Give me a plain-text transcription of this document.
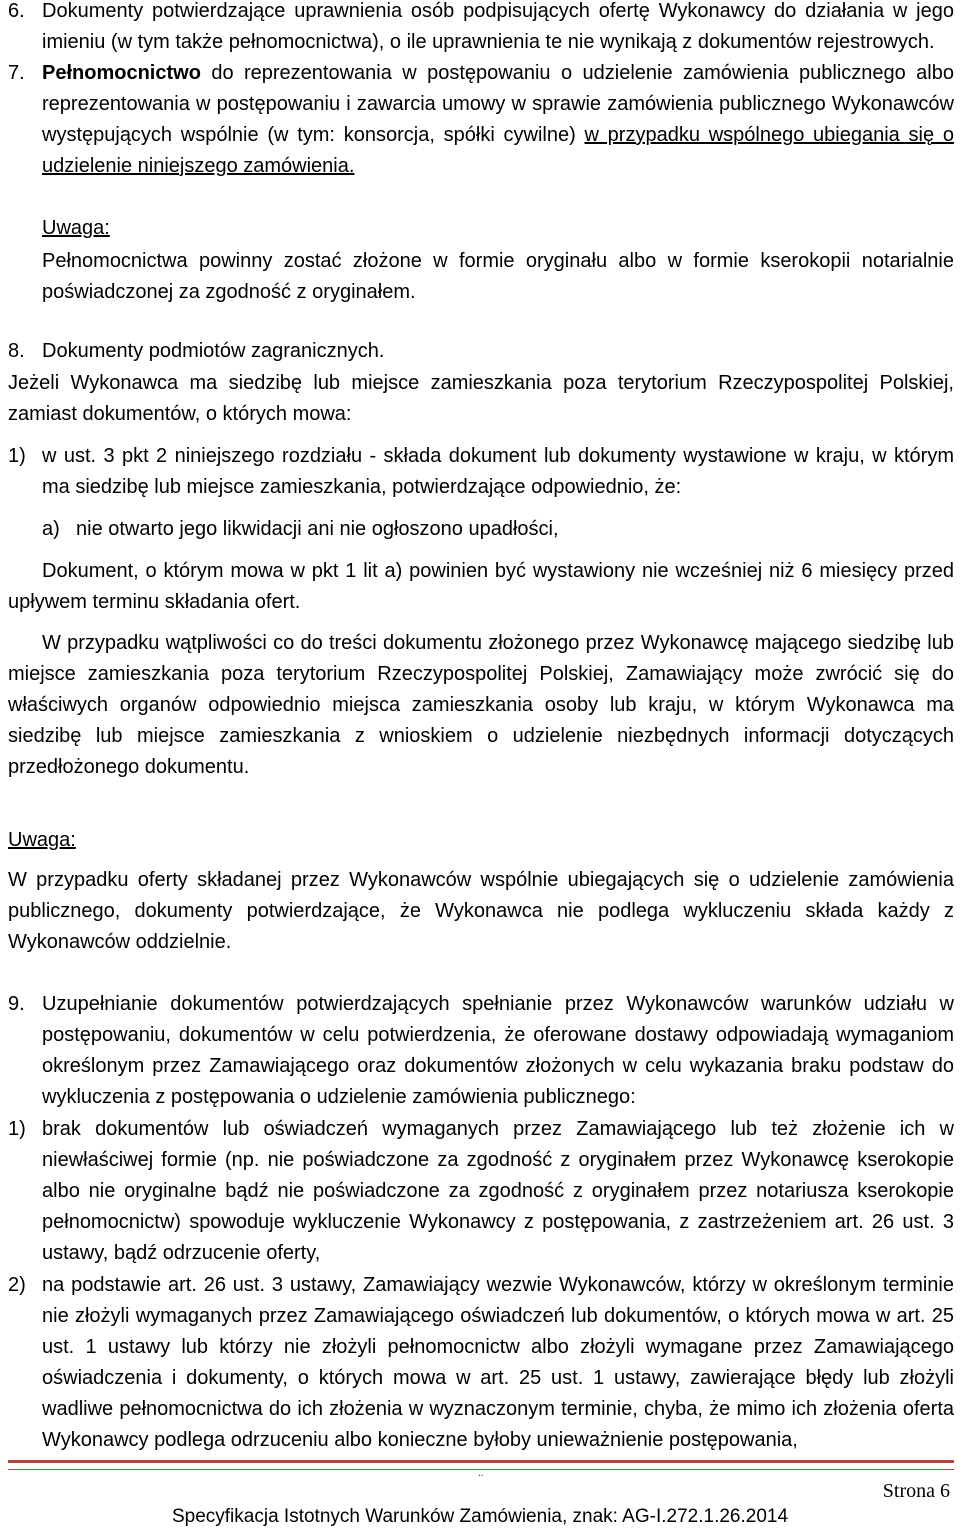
6. Dokumenty potwierdzające uprawnienia osób podpisujących ofertę Wykonawcy do działania w jego imieniu (w tym także pełnomocnictwa), o ile uprawnienia te nie wynikają z dokumentów rejestrowych.

7. Pełnomocnictwo do reprezentowania w postępowaniu o udzielenie zamówienia publicznego albo reprezentowania w postępowaniu i zawarcia umowy w sprawie zamówienia publicznego Wykonawców występujących wspólnie (w tym: konsorcja, spółki cywilne) w przypadku wspólnego ubiegania się o udzielenie niniejszego zamówienia.

Uwaga:

Pełnomocnictwa powinny zostać złożone w formie oryginału albo w formie kserokopii notarialnie poświadczonej za zgodność z oryginałem.

8. Dokumenty podmiotów zagranicznych.

Jeżeli Wykonawca ma siedzibę lub miejsce zamieszkania poza terytorium Rzeczypospolitej Polskiej, zamiast dokumentów, o których mowa:

1) w ust. 3 pkt 2 niniejszego rozdziału - składa dokument lub dokumenty wystawione w kraju, w którym ma siedzibę lub miejsce zamieszkania, potwierdzające odpowiednio, że:

a) nie otwarto jego likwidacji ani nie ogłoszono upadłości,

Dokument, o którym mowa w pkt 1 lit a) powinien być wystawiony nie wcześniej niż 6 miesięcy przed upływem terminu składania ofert.

W przypadku wątpliwości co do treści dokumentu złożonego przez Wykonawcę mającego siedzibę lub miejsce zamieszkania poza terytorium Rzeczypospolitej Polskiej, Zamawiający może zwrócić się do właściwych organów odpowiednio miejsca zamieszkania osoby lub kraju, w którym Wykonawca ma siedzibę lub miejsce zamieszkania z wnioskiem o udzielenie niezbędnych informacji dotyczących przedłożonego dokumentu.

Uwaga:

W przypadku oferty składanej przez Wykonawców wspólnie ubiegających się o udzielenie zamówienia publicznego, dokumenty potwierdzające, że Wykonawca nie podlega wykluczeniu składa każdy z Wykonawców oddzielnie.

9. Uzupełnianie dokumentów potwierdzających spełnianie przez Wykonawców warunków udziału w postępowaniu, dokumentów w celu potwierdzenia, że oferowane dostawy odpowiadają wymaganiom określonym przez Zamawiającego oraz dokumentów złożonych w celu wykazania braku podstaw do wykluczenia z postępowania o udzielenie zamówienia publicznego:

1) brak dokumentów lub oświadczeń wymaganych przez Zamawiającego lub też złożenie ich w niewłaściwej formie (np. nie poświadczone za zgodność z oryginałem przez Wykonawcę kserokopie albo nie oryginalne bądź nie poświadczone za zgodność z oryginałem przez notariusza kserokopie pełnomocnictw) spowoduje wykluczenie Wykonawcy z postępowania, z zastrzeżeniem art. 26 ust. 3 ustawy, bądź odrzucenie oferty,

2) na podstawie art. 26 ust. 3 ustawy, Zamawiający wezwie Wykonawców, którzy w określonym terminie nie złożyli wymaganych przez Zamawiającego oświadczeń lub dokumentów, o których mowa w art. 25 ust. 1 ustawy lub którzy nie złożyli pełnomocnictw albo złożyli wymagane przez Zamawiającego oświadczenia i dokumenty, o których mowa w art. 25 ust. 1 ustawy, zawierające błędy lub złożyli wadliwe pełnomocnictwa do ich złożenia w wyznaczonym terminie, chyba, że mimo ich złożenia oferta Wykonawcy podlega odrzuceniu albo konieczne byłoby unieważnienie postępowania,

..
Strona 6
Specyfikacja Istotnych Warunków Zamówienia, znak: AG-I.272.1.26.2014
